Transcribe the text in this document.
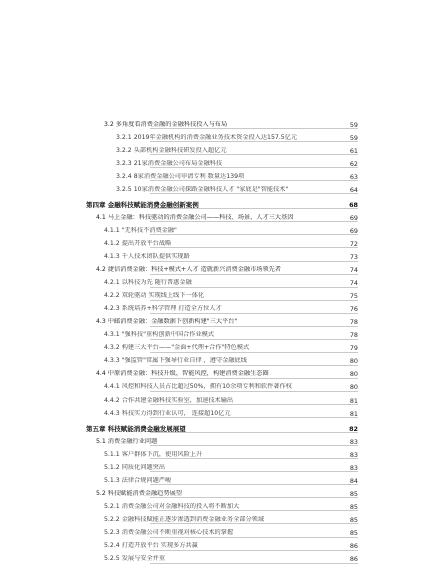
3.2 多角度看消费金融的金融科技投入与布局	59
3.2.1 2019年金融机构的消费金融业务技术资金投入达157.5亿元	59
3.2.2 头部机构金融科技研发投入超亿元	61
3.2.3 21家消费金融公司布局金融科技	62
3.2.4 8家消费金融公司申请专利 数量达139项	63
3.2.5 10家消费金融公司探路金融科技人才 "家底是"智能技术"	64
第四章 金融科技赋能消费金融创新案例	68
4.1 马上金融：科技驱动的消费金融公司——科技、场景、人才三大基因	69
4.1.1 "无科技不消费金融"	69
4.1.2 提出开放平台战略	72
4.1.3 千人技术团队提供实现路	73
4.2 捷信消费金融：科技+模式+人才 造就新兴消费金融市场领先者	74
4.2.1 以科技为先 随行普惠金融	74
4.2.2 双轮驱动 实现线上线下一体化	75
4.2.3 系统培养+科学管理 打造全方位人才	76
4.3 中邮消费金融：金融数据下创新构建"三大平台"	78
4.3.1 "强科技"重构创新中国合作业模式	78
4.3.2 构建三大平台——"金面+代理+合作"特色模式	79
4.3.3 "强监管"常属下强导行业自律 ，遵守金融底线	80
4.4 中原消费金融：科技升级，智能风控，构建消费金融生态圈	80
4.4.1 风控和科技人员占比超过50%，拥有10余项专利和软件著作权	80
4.4.2 合作共建金融科技实验室，加速技术输出	81
4.4.3 科技实力得到行业认可， 连接超10亿元	81
第五章 科技赋能消费金融发展展望	82
5.1 消费金融行业问题	83
5.1.1 客户群体下沉，使用风险上升	83
5.1.2 同质化问题突出	83
5.1.3 法律合规问题严峻	84
5.2 科技赋能消费金融趋势展望	85
5.2.1 消费金融公司对金融科技的投入将不断加大	85
5.2.2 金融科技赋能正逐步渗透到消费金融业务全部分领域	85
5.2.3 消费金融公司不断重视对核心技术的掌握	85
5.2.4 打造开放平台 实现多方共赢	86
5.2.5 发展与安全并重	86
